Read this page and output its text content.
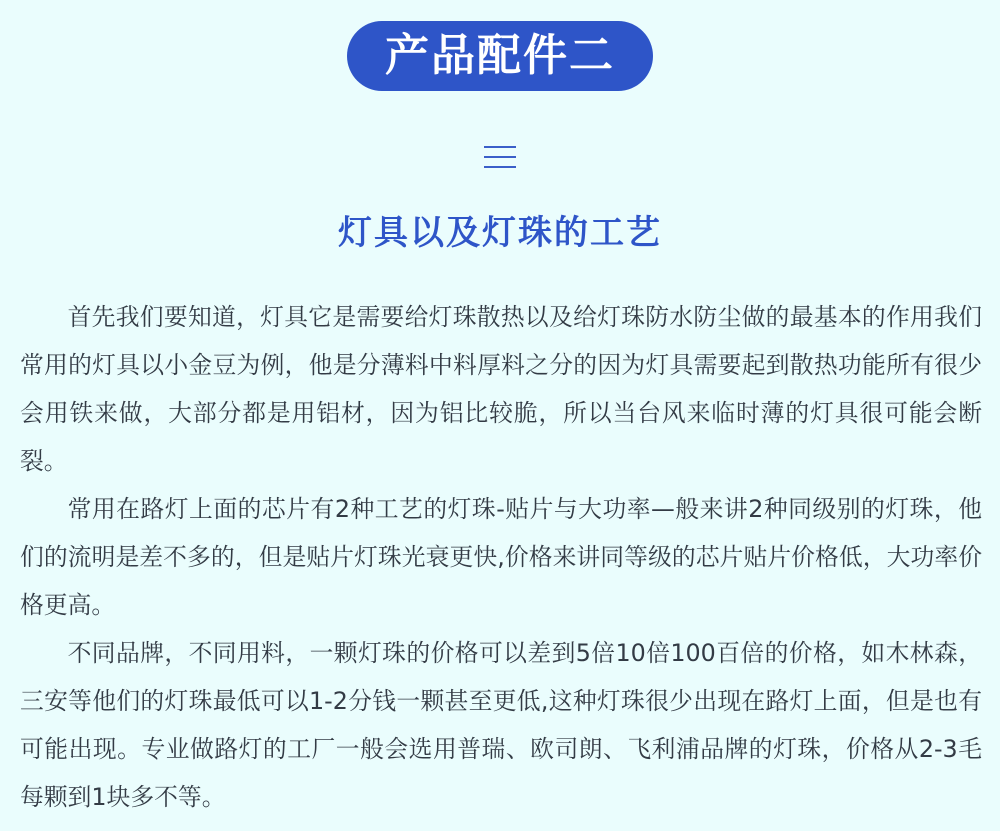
产品配件二
灯具以及灯珠的工艺

首先我们要知道，灯具它是需要给灯珠散热以及给灯珠防水防尘做的最基本的作用我们常用的灯具以小金豆为例，他是分薄料中料厚料之分的因为灯具需要起到散热功能所有很少会用铁来做，大部分都是用铝材，因为铝比较脆，所以当台风来临时薄的灯具很可能会断裂。

常用在路灯上面的芯片有2种工艺的灯珠-贴片与大功率—般来讲2种同级别的灯珠，他们的流明是差不多的，但是贴片灯珠光衰更快,价格来讲同等级的芯片贴片价格低，大功率价格更高。

不同品牌，不同用料，一颗灯珠的价格可以差到5倍10倍100百倍的价格，如木林森，三安等他们的灯珠最低可以1-2分钱一颗甚至更低,这种灯珠很少出现在路灯上面，但是也有可能出现。专业做路灯的工厂一般会选用普瑞、欧司朗、飞利浦品牌的灯珠，价格从2-3毛每颗到1块多不等。
